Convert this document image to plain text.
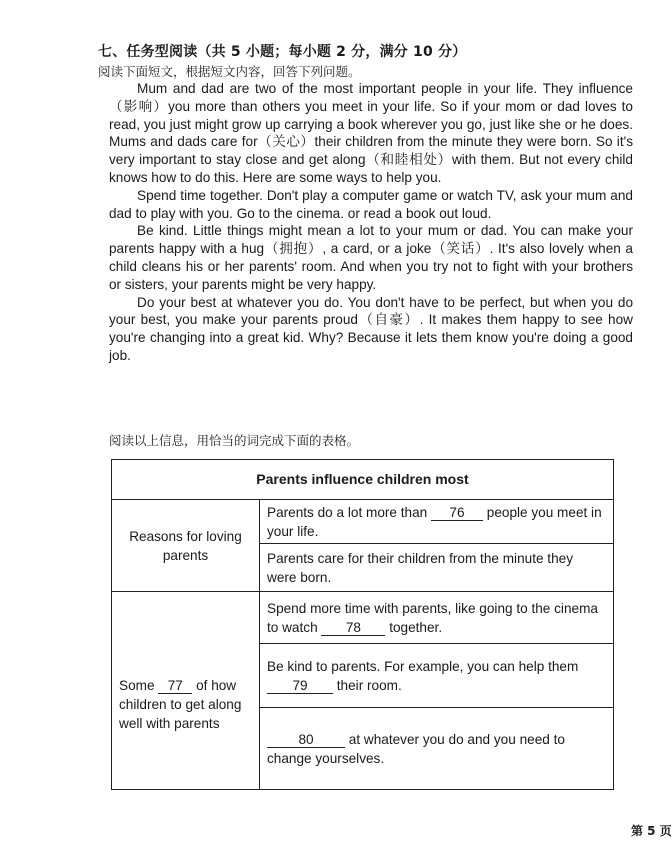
七、任务型阅读（共 5 小题；每小题 2 分，满分 10 分）
阅读下面短文，根据短文内容，回答下列问题。

Mum and dad are two of the most important people in your life. They influence（影响）you more than others you meet in your life. So if your mom or dad loves to read, you just might grow up carrying a book wherever you go, just like she or he does. Mums and dads care for（关心）their children from the minute they were born. So it's very important to stay close and get along（和睦相处）with them. But not every child knows how to do this. Here are some ways to help you.

Spend time together. Don't play a computer game or watch TV, ask your mum and dad to play with you. Go to the cinema. or read a book out loud.

Be kind. Little things might mean a lot to your mum or dad. You can make your parents happy with a hug（拥抱）, a card, or a joke（笑话）. It's also lovely when a child cleans his or her parents' room. And when you try not to fight with your brothers or sisters, your parents might be very happy.

Do your best at whatever you do. You don't have to be perfect, but when you do your best, you make your parents proud（自豪）. It makes them happy to see how you're changing into a great kid. Why? Because it lets them know you're doing a good job.

阅读以上信息，用恰当的词完成下面的表格。
Parents influence children most	
Reasons for loving parents	Parents do a lot more than 76 people you meet in your life.
	Parents care for their children from the minute they were born.
Some 77 of how children to get along well with parents	Spend more time with parents, like going to the cinema to watch 78 together.
	Be kind to parents. For example, you can help them 79 their room.
	80 at whatever you do and you need to change yourselves.
第 5 页
